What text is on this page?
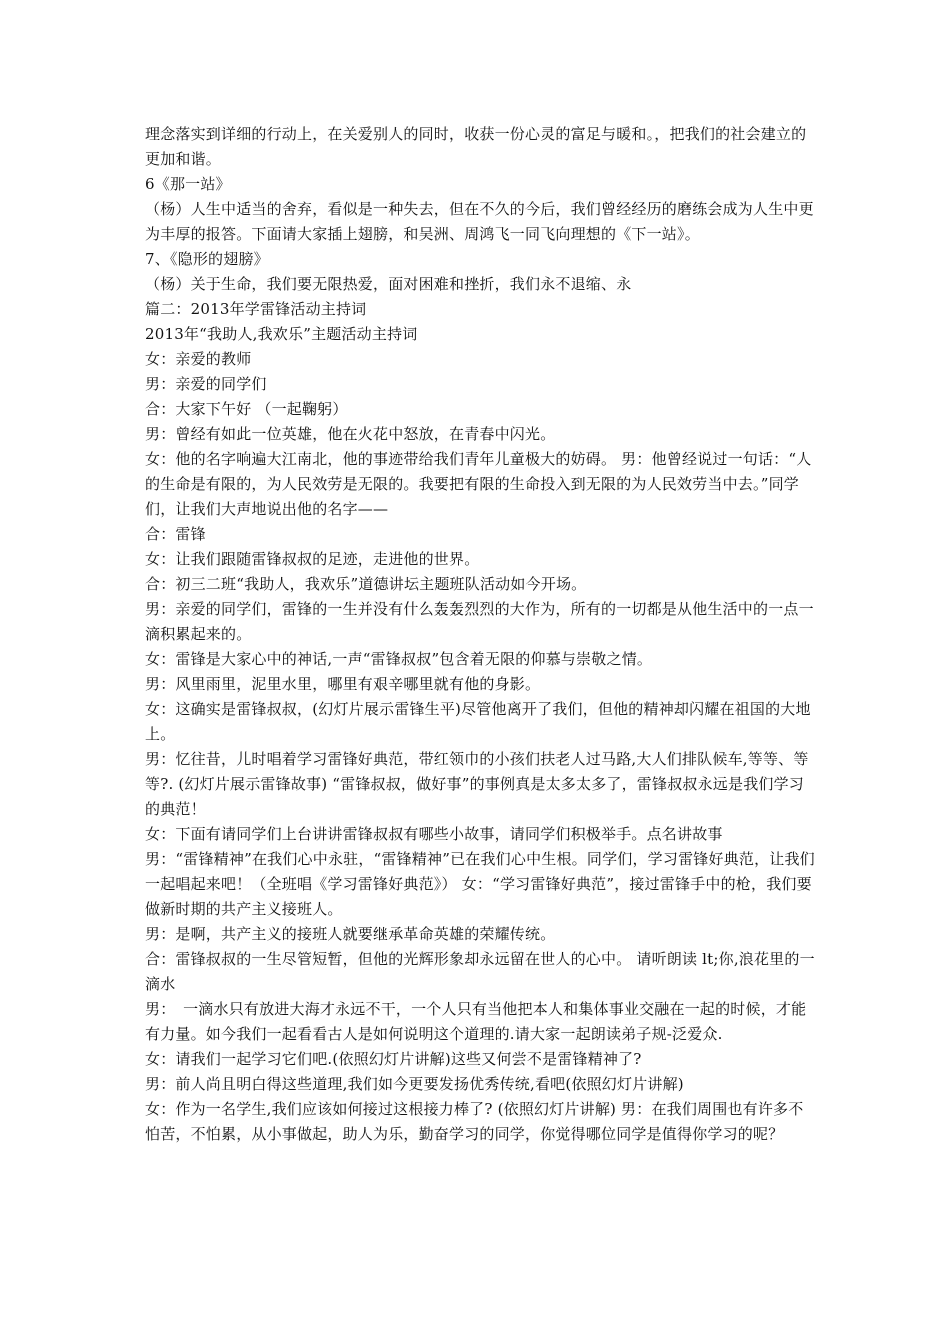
理念落实到详细的行动上，在关爱别人的同时，收获一份心灵的富足与暖和。，把我们的社会建立的更加和谐。

6《那一站》

（杨）人生中适当的舍弃，看似是一种失去，但在不久的今后，我们曾经经历的磨练会成为人生中更为丰厚的报答。下面请大家插上翅膀，和吴洲、周鸿飞一同飞向理想的《下一站》。

7、《隐形的翅膀》

（杨）关于生命，我们要无限热爱，面对困难和挫折，我们永不退缩、永

篇二：2013年学雷锋活动主持词

2013年“我助人,我欢乐”主题活动主持词

女：亲爱的教师

男：亲爱的同学们

合：大家下午好 （一起鞠躬）

男：曾经有如此一位英雄，他在火花中怒放，在青春中闪光。

女：他的名字响遍大江南北，他的事迹带给我们青年儿童极大的妨碍。 男：他曾经说过一句话：“人的生命是有限的，为人民效劳是无限的。我要把有限的生命投入到无限的为人民效劳当中去。”同学们，让我们大声地说出他的名字——

合：雷锋

女：让我们跟随雷锋叔叔的足迹，走进他的世界。

合：初三二班“我助人，我欢乐”道德讲坛主题班队活动如今开场。

男：亲爱的同学们，雷锋的一生并没有什么轰轰烈烈的大作为，所有的一切都是从他生活中的一点一滴积累起来的。

女：雷锋是大家心中的神话,一声“雷锋叔叔”包含着无限的仰慕与崇敬之情。

男：风里雨里，泥里水里，哪里有艰辛哪里就有他的身影。

女：这确实是雷锋叔叔，(幻灯片展示雷锋生平)尽管他离开了我们，但他的精神却闪耀在祖国的大地上。

男：忆往昔，儿时唱着学习雷锋好典范，带红领巾的小孩们扶老人过马路,大人们排队候车,等等、等等?. (幻灯片展示雷锋故事) “雷锋叔叔，做好事”的事例真是太多太多了，雷锋叔叔永远是我们学习的典范！

女：下面有请同学们上台讲讲雷锋叔叔有哪些小故事，请同学们积极举手。点名讲故事

男：“雷锋精神”在我们心中永驻，“雷锋精神”已在我们心中生根。同学们，学习雷锋好典范，让我们一起唱起来吧！（全班唱《学习雷锋好典范》） 女：“学习雷锋好典范”，接过雷锋手中的枪，我们要做新时期的共产主义接班人。

男：是啊，共产主义的接班人就要继承革命英雄的荣耀传统。

合：雷锋叔叔的一生尽管短暂，但他的光辉形象却永远留在世人的心中。 请听朗读 lt;你,浪花里的一滴水

男：　一滴水只有放进大海才永远不干，一个人只有当他把本人和集体事业交融在一起的时候，才能有力量。如今我们一起看看古人是如何说明这个道理的.请大家一起朗读弟子规-泛爱众.

女：请我们一起学习它们吧.(依照幻灯片讲解)这些又何尝不是雷锋精神了?

男：前人尚且明白得这些道理,我们如今更要发扬优秀传统,看吧(依照幻灯片讲解)

女：作为一名学生,我们应该如何接过这根接力棒了? (依照幻灯片讲解) 男：在我们周围也有许多不怕苦，不怕累，从小事做起，助人为乐，勤奋学习的同学，你觉得哪位同学是值得你学习的呢？
